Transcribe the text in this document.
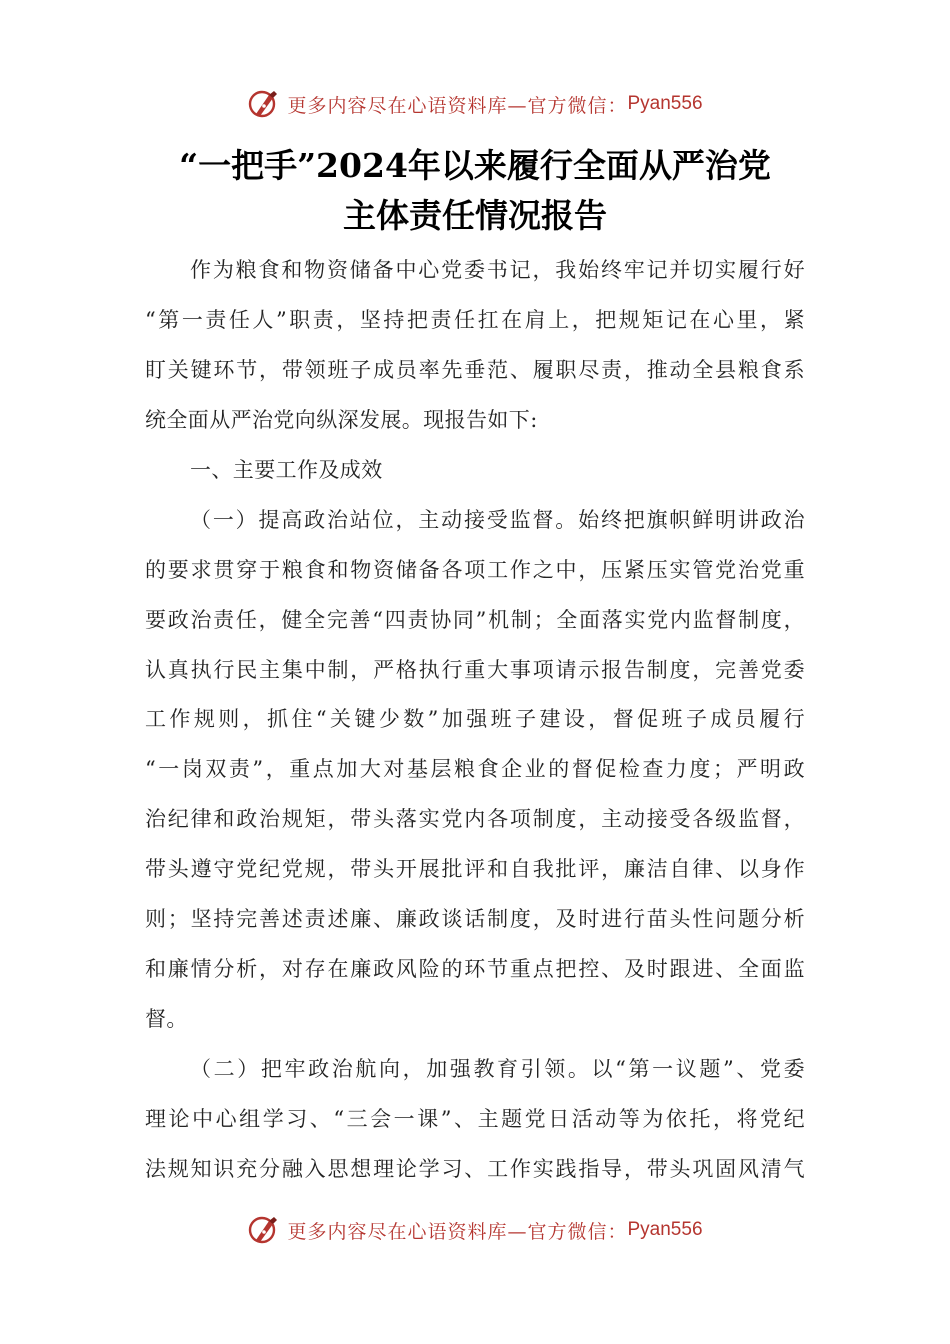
更多内容尽在心语资料库—官方微信： Pyan556
“一把手”2024年以来履行全面从严治党
主体责任情况报告
作为粮食和物资储备中心党委书记，我始终牢记并切实履行好
“第一责任人”职责，坚持把责任扛在肩上，把规矩记在心里，紧
盯关键环节，带领班子成员率先垂范、履职尽责，推动全县粮食系
统全面从严治党向纵深发展。现报告如下:
一、主要工作及成效
（一）提高政治站位，主动接受监督。始终把旗帜鲜明讲政治
的要求贯穿于粮食和物资储备各项工作之中，压紧压实管党治党重
要政治责任，健全完善“四责协同”机制；全面落实党内监督制度，
认真执行民主集中制，严格执行重大事项请示报告制度，完善党委
工作规则，抓住“关键少数”加强班子建设，督促班子成员履行
“一岗双责”，重点加大对基层粮食企业的督促检查力度；严明政
治纪律和政治规矩，带头落实党内各项制度，主动接受各级监督，
带头遵守党纪党规，带头开展批评和自我批评，廉洁自律、以身作
则；坚持完善述责述廉、廉政谈话制度，及时进行苗头性问题分析
和廉情分析，对存在廉政风险的环节重点把控、及时跟进、全面监
督。
（二）把牢政治航向，加强教育引领。以“第一议题”、党委
理论中心组学习、“三会一课”、主题党日活动等为依托，将党纪
法规知识充分融入思想理论学习、工作实践指导，带头巩固风清气
更多内容尽在心语资料库—官方微信： Pyan556
